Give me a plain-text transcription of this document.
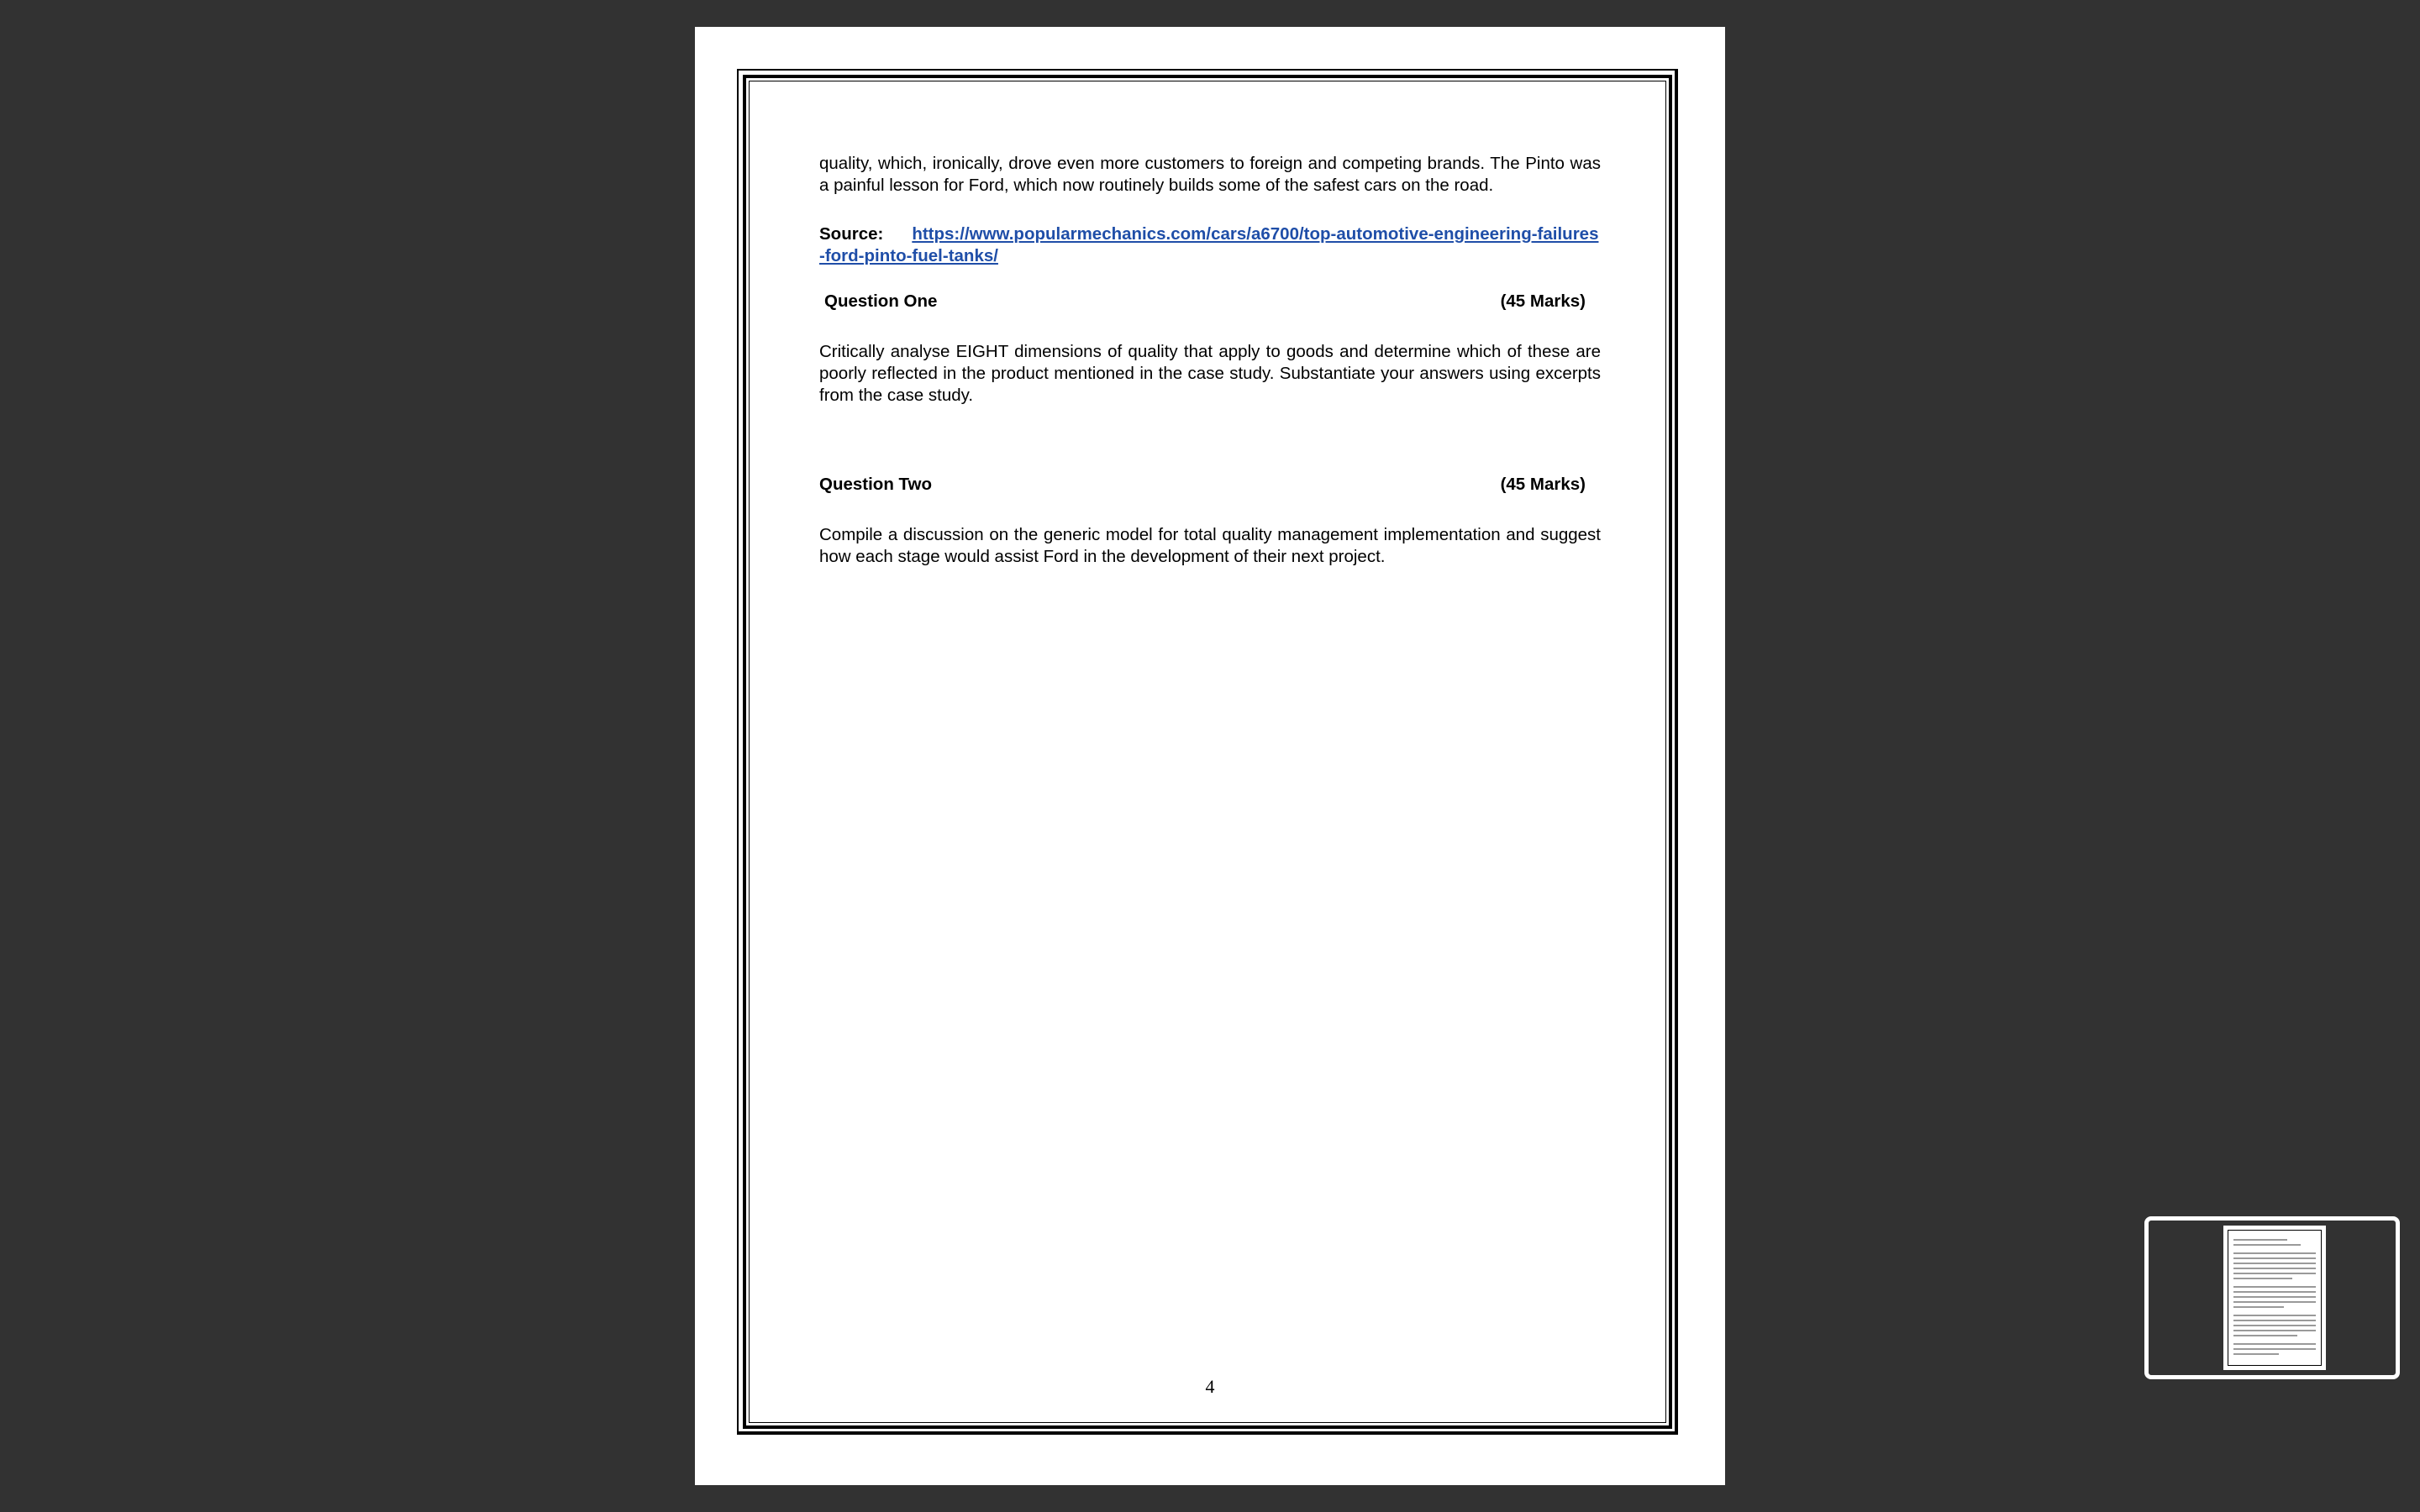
quality, which, ironically, drove even more customers to foreign and competing brands. The Pinto was a painful lesson for Ford, which now routinely builds some of the safest cars on the road.

Source: https://www.popularmechanics.com/cars/a6700/top-automotive-engineering-failures-ford-pinto-fuel-tanks/
Question One	(45 Marks)

Critically analyse EIGHT dimensions of quality that apply to goods and determine which of these are poorly reflected in the product mentioned in the case study. Substantiate your answers using excerpts from the case study.

Question Two	(45 Marks)

Compile a discussion on the generic model for total quality management implementation and suggest how each stage would assist Ford in the development of their next project.

4
